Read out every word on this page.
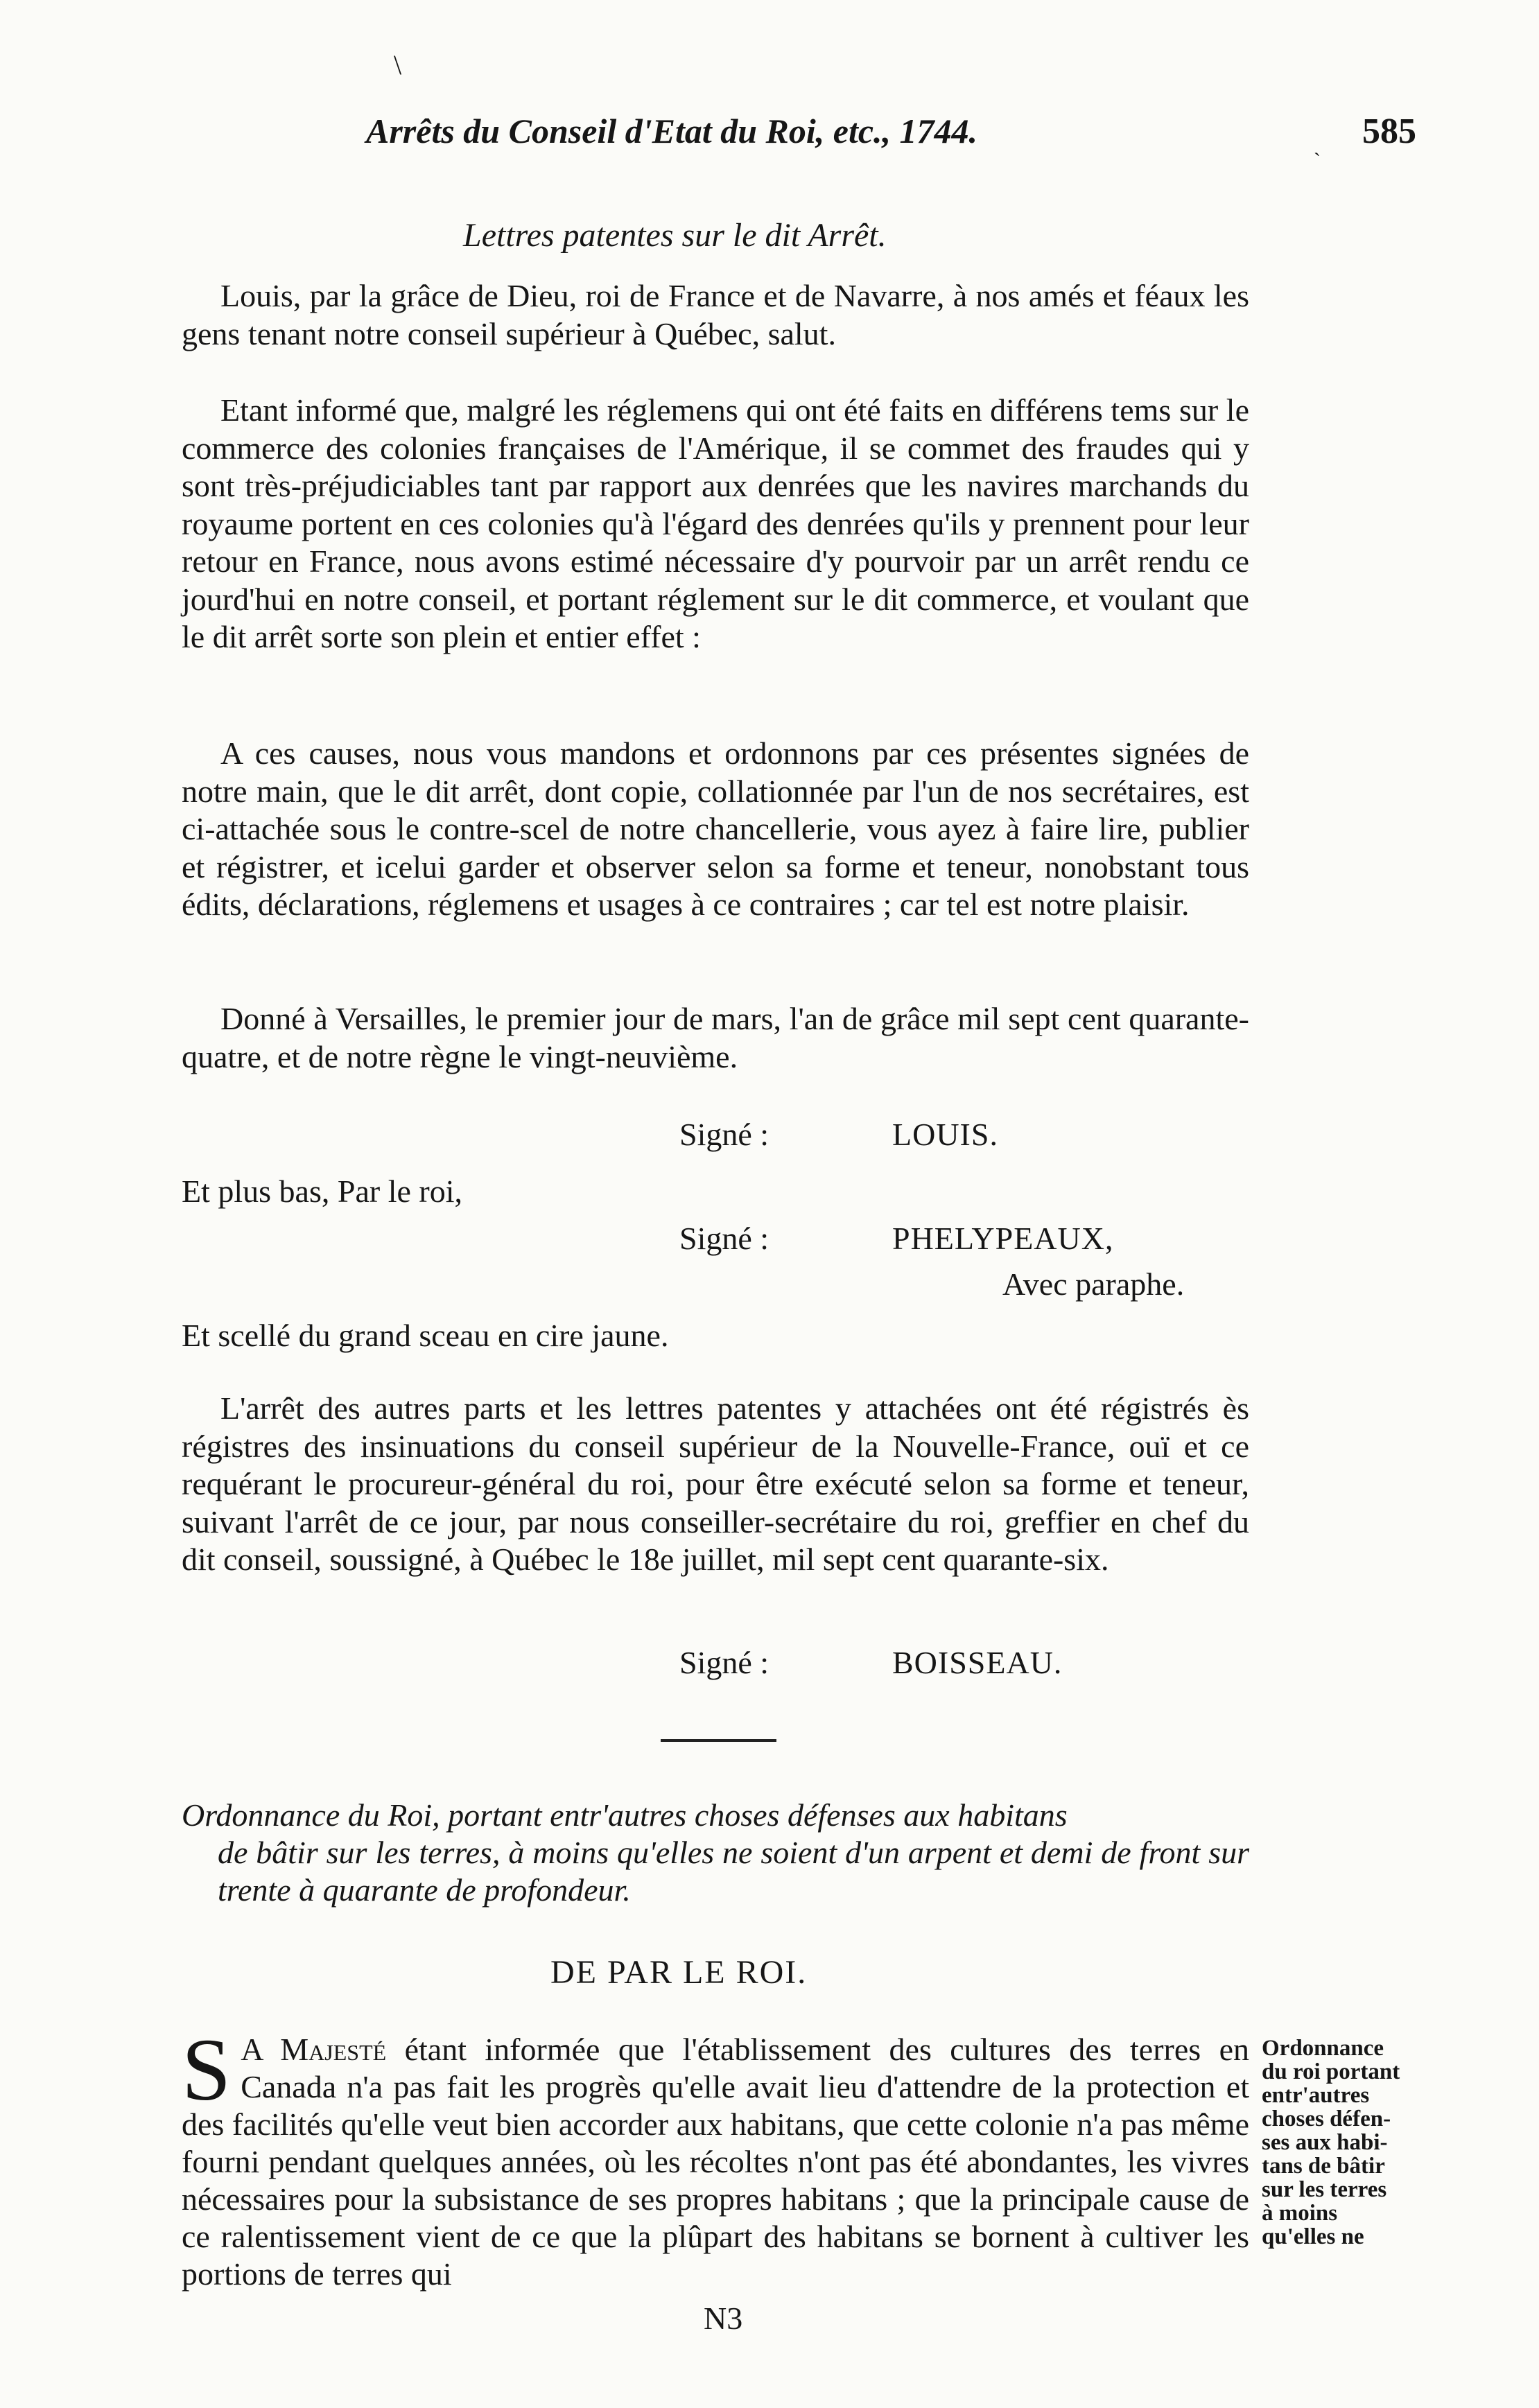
\
Arrêts du Conseil d'Etat du Roi, etc., 1744.	585
`
Lettres patentes sur le dit Arrêt.

Louis, par la grâce de Dieu, roi de France et de Navarre, à nos amés et féaux les gens tenant notre conseil supérieur à Québec, salut.

Etant informé que, malgré les réglemens qui ont été faits en différens tems sur le commerce des colonies françaises de l'Amérique, il se commet des fraudes qui y sont très-préjudiciables tant par rapport aux denrées que les navires marchands du royaume portent en ces colonies qu'à l'égard des denrées qu'ils y prennent pour leur retour en France, nous avons estimé nécessaire d'y pourvoir par un arrêt rendu ce jourd'hui en notre conseil, et portant réglement sur le dit commerce, et voulant que le dit arrêt sorte son plein et entier effet :

A ces causes, nous vous mandons et ordonnons par ces présentes signées de notre main, que le dit arrêt, dont copie, collationnée par l'un de nos secrétaires, est ci-attachée sous le contre-scel de notre chancellerie, vous ayez à faire lire, publier et régistrer, et icelui garder et observer selon sa forme et teneur, nonobstant tous édits, déclarations, réglemens et usages à ce contraires ; car tel est notre plaisir.

Donné à Versailles, le premier jour de mars, l'an de grâce mil sept cent quarante-quatre, et de notre règne le vingt-neuvième.

Signé :	LOUIS.
Et plus bas, Par le roi,
Signé :	PHELYPEAUX,
Avec paraphe.
Et scellé du grand sceau en cire jaune.

L'arrêt des autres parts et les lettres patentes y attachées ont été régistrés ès régistres des insinuations du conseil supérieur de la Nouvelle-France, ouï et ce requérant le procureur-général du roi, pour être exécuté selon sa forme et teneur, suivant l'arrêt de ce jour, par nous conseiller-secrétaire du roi, greffier en chef du dit conseil, soussigné, à Québec le 18e juillet, mil sept cent quarante-six.

Signé :	BOISSEAU.
Ordonnance du Roi, portant entr'autres choses défenses aux habitans
de bâtir sur les terres, à moins qu'elles ne soient d'un arpent et demi de front sur trente à quarante de profondeur.
DE PAR LE ROI.
S A Majesté étant informée que l'établissement des cultures des terres en Canada n'a pas fait les progrès qu'elle avait lieu d'attendre de la protection et des facilités qu'elle veut bien accorder aux habitans, que cette colonie n'a pas même fourni pendant quelques années, où les récoltes n'ont pas été abondantes, les vivres nécessaires pour la subsistance de ses propres habitans ; que la principale cause de ce ralentissement vient de ce que la plûpart des habitans se bornent à cultiver les portions de terres qui
Ordonnance
du roi portant
entr'autres
choses défen-
ses aux habi-
tans de bâtir
sur les terres
à moins
qu'elles ne
N3
